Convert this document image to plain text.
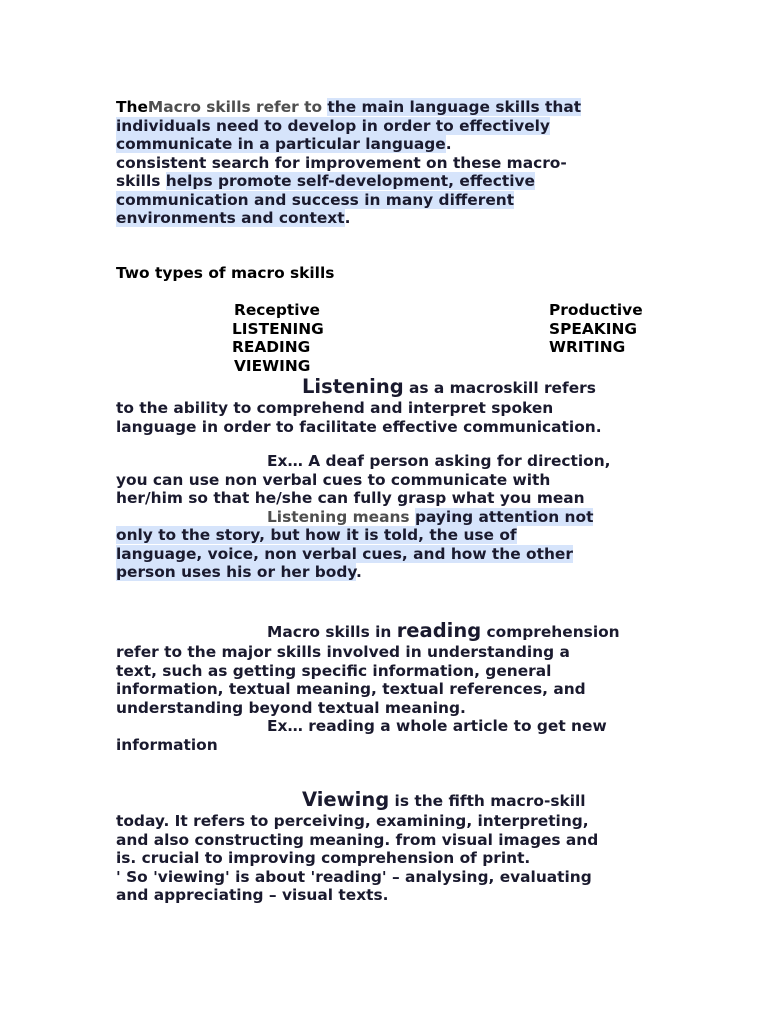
TheMacro skills refer to the main language skills that
individuals need to develop in order to effectively
communicate in a particular language.
consistent search for improvement on these macro-
skills helps promote self-development, effective
communication and success in many different
environments and context.
Two types of macro skills
Receptive
LISTENING
READING
VIEWING
Productive
SPEAKING
WRITING
Listening as a macroskill refers
to the ability to comprehend and interpret spoken
language in order to facilitate effective communication.
Ex… A deaf person asking for direction,
you can use non verbal cues to communicate with
her/him so that he/she can fully grasp what you mean
Listening means paying attention not
only to the story, but how it is told, the use of
language, voice, non verbal cues, and how the other
person uses his or her body.
Macro skills in reading comprehension
refer to the major skills involved in understanding a
text, such as getting specific information, general
information, textual meaning, textual references, and
understanding beyond textual meaning.
Ex… reading a whole article to get new
information
Viewing is the fifth macro-skill
today. It refers to perceiving, examining, interpreting,
and also constructing meaning. from visual images and
is. crucial to improving comprehension of print.
' So 'viewing' is about 'reading' – analysing, evaluating
and appreciating – visual texts.
